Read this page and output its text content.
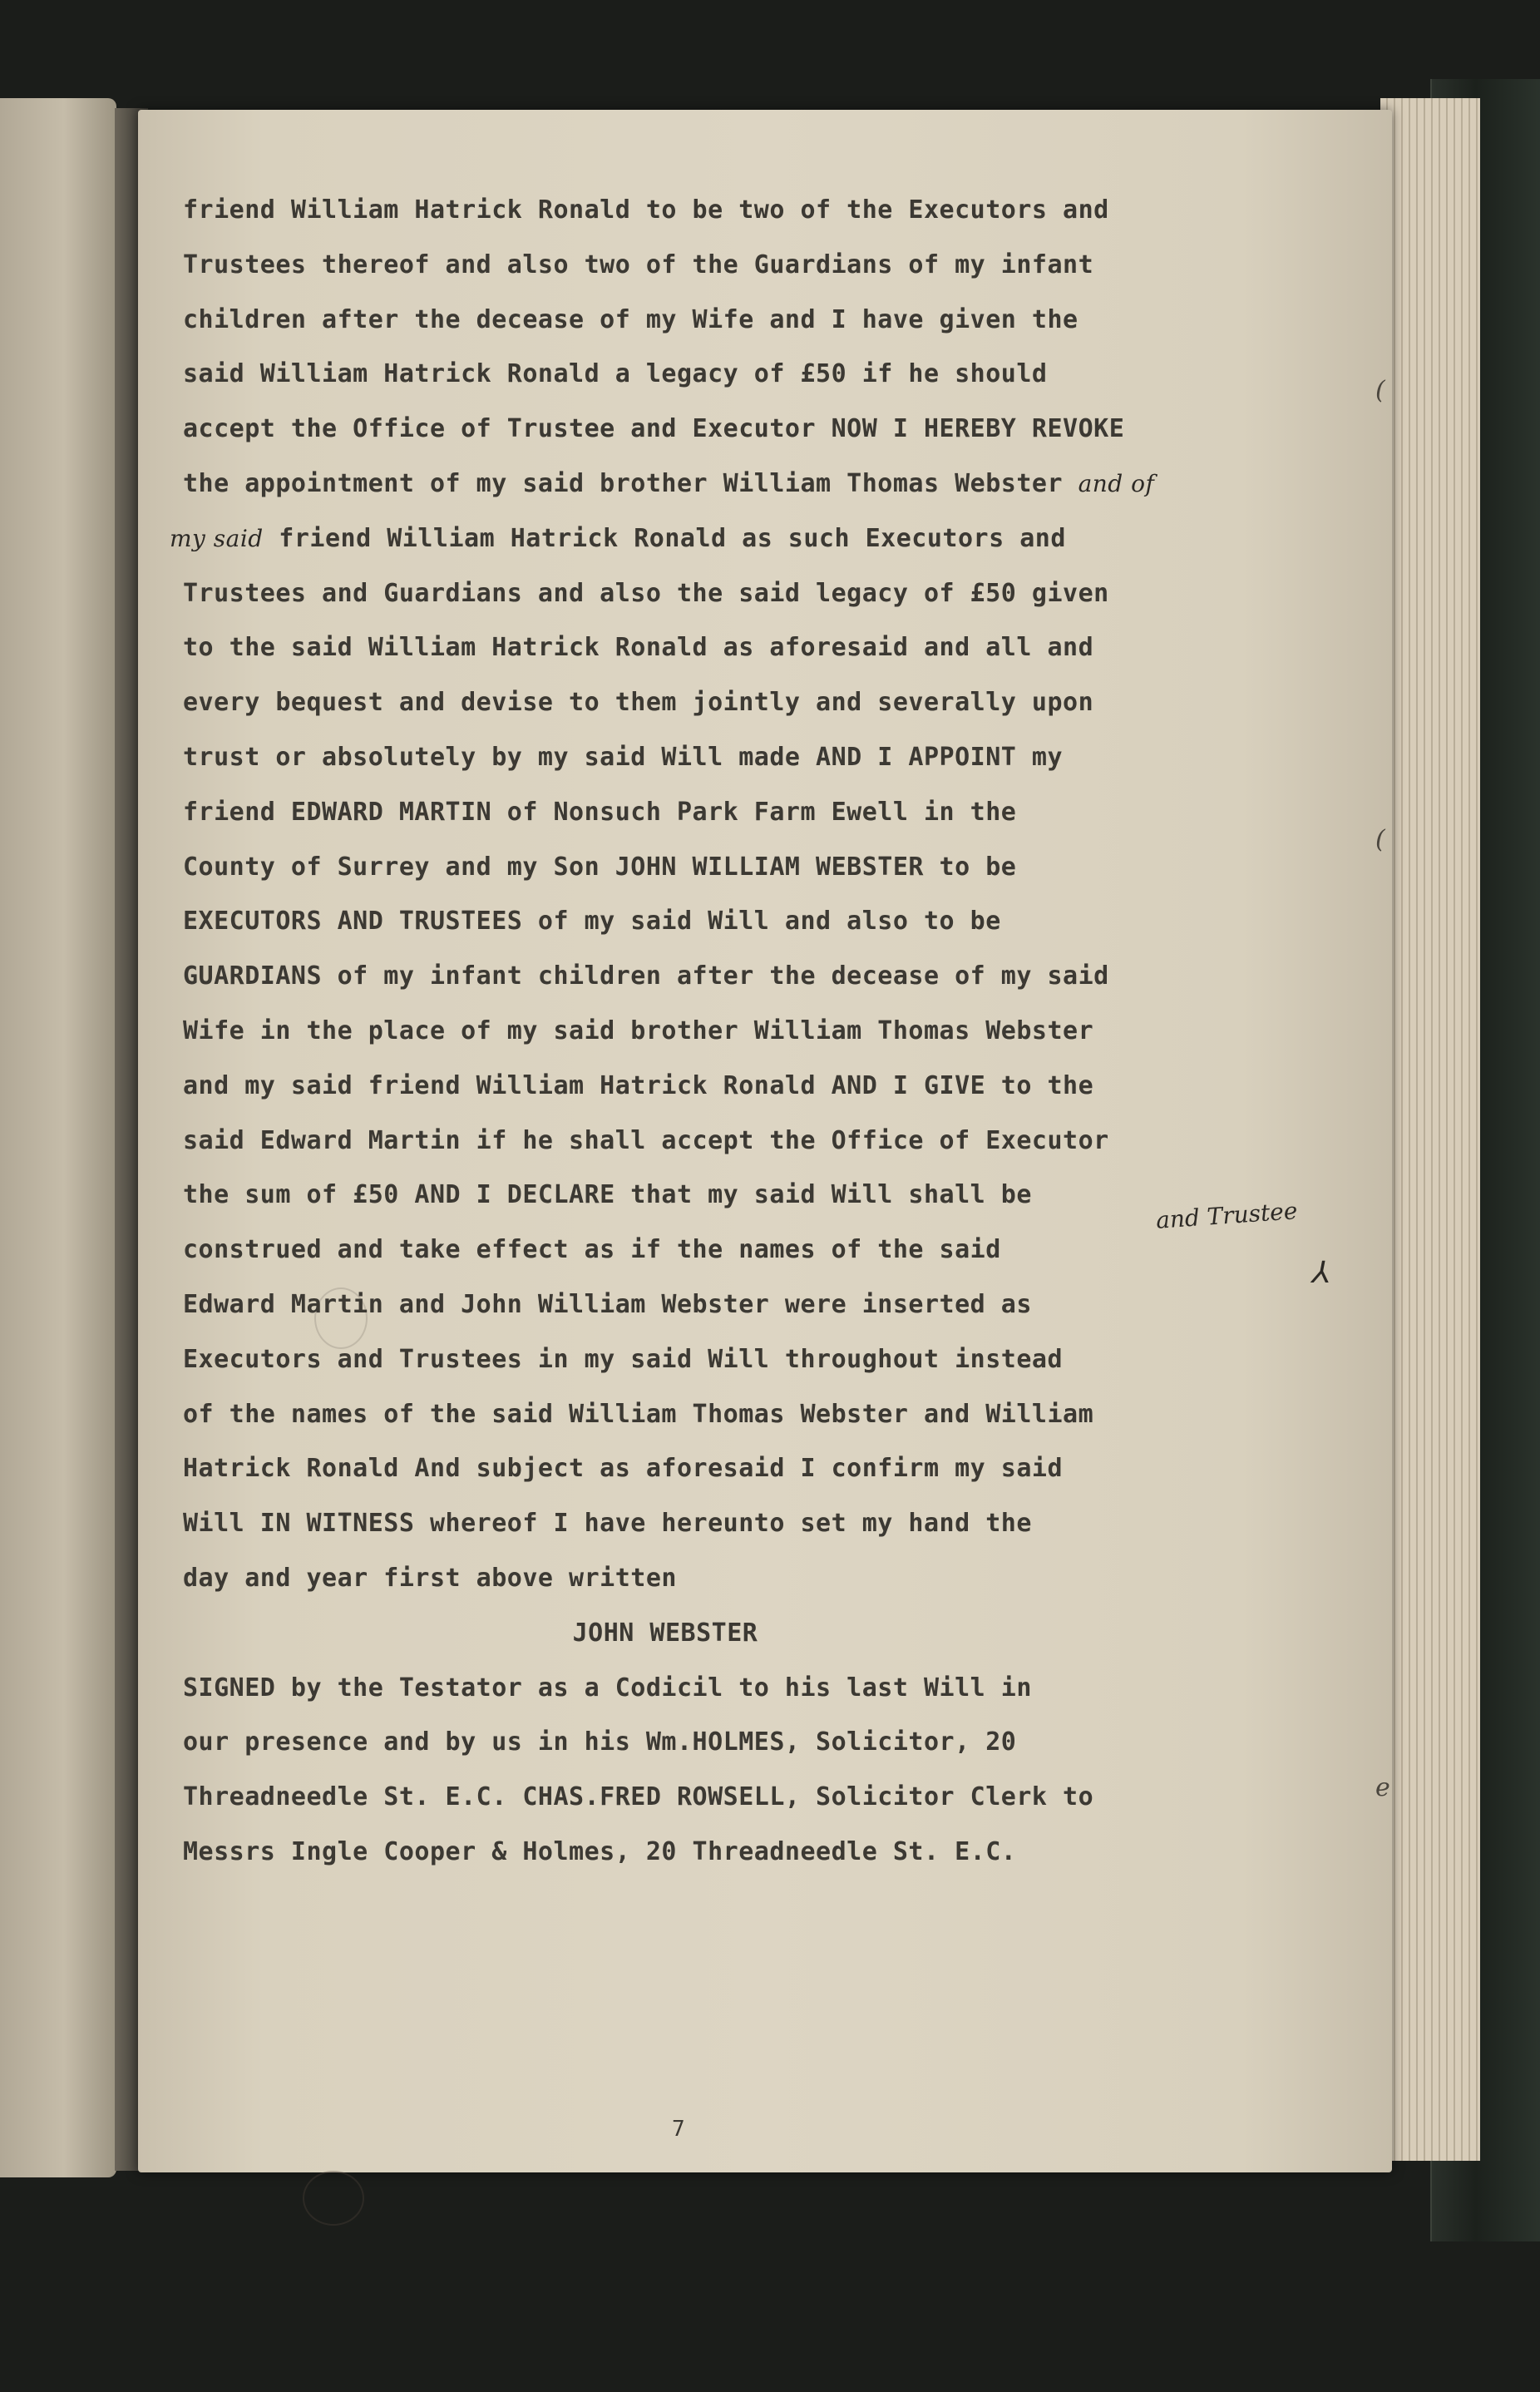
(
(
e
friend William Hatrick Ronald to be two of the Executors and
Trustees thereof and also two of the Guardians of my infant
children after the decease of my Wife and I have given the
said William Hatrick Ronald a legacy of £50 if he should
accept the Office of Trustee and Executor NOW I HEREBY REVOKE
the appointment of my said brother William Thomas Webster and of
my said friend William Hatrick Ronald as such Executors and
Trustees and Guardians and also the said legacy of £50 given
to the said William Hatrick Ronald as aforesaid and all and
every bequest and devise to them jointly and severally upon
trust or absolutely by my said Will made AND I APPOINT my
friend EDWARD MARTIN of Nonsuch Park Farm Ewell in the
County of Surrey and my Son JOHN WILLIAM WEBSTER to be
EXECUTORS AND TRUSTEES of my said Will and also to be
GUARDIANS of my infant children after the decease of my said
Wife in the place of my said brother William Thomas Webster
and my said friend William Hatrick Ronald AND I GIVE to the
said Edward Martin if he shall accept the Office of Executor
the sum of £50 AND I DECLARE that my said Will shall be
construed and take effect as if the names of the said
Edward Martin and John William Webster were inserted as
Executors and Trustees in my said Will throughout instead
of the names of the said William Thomas Webster and William
Hatrick Ronald And subject as aforesaid I confirm my said
Will IN WITNESS whereof I have hereunto set my hand the
day and year first above written
JOHN WEBSTER
SIGNED by the Testator as a Codicil to his last Will in
our presence and by us in his Wm.HOLMES, Solicitor, 20
Threadneedle St. E.C. CHAS.FRED ROWSELL, Solicitor Clerk to
Messrs Ingle Cooper & Holmes, 20 Threadneedle St. E.C.
and Trustee
⅄
7
